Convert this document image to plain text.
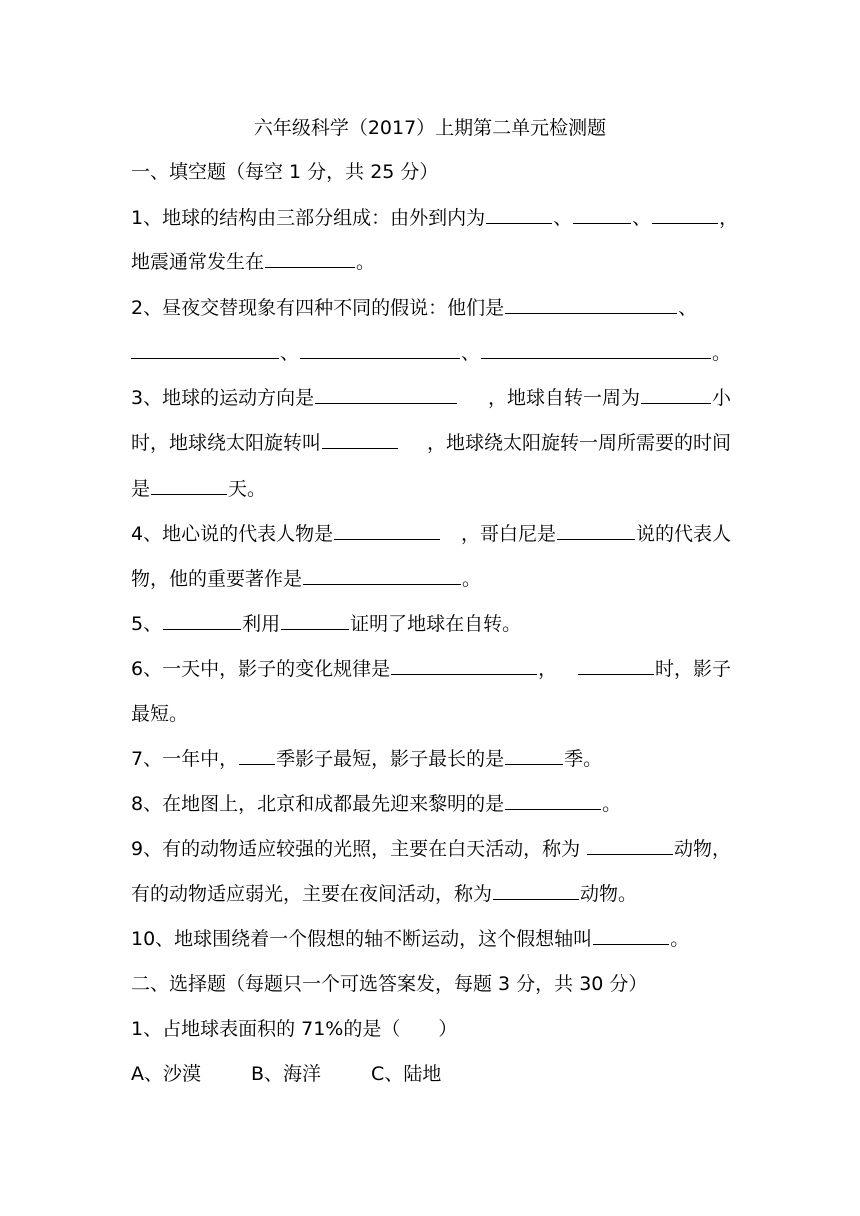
六年级科学（2017）上期第二单元检测题
一、填空题（每空 1 分，共 25 分）
1、地球的结构由三部分组成：由外到内为	、	、	，
地震通常发生在	。
2、昼夜交替现象有四种不同的假说：他们是	、
、	、	。
3、地球的运动方向是	，地球自转一周为	小
时，地球绕太阳旋转叫	，地球绕太阳旋转一周所需要的时间
是	天。
4、地心说的代表人物是	，哥白尼是	说的代表人
物，他的重要著作是	。
5、	利用	证明了地球在自转。
6、一天中，影子的变化规律是	，	时，影子
最短。
7、一年中， 季影子最短，影子最长的是	季。
8、在地图上，北京和成都最先迎来黎明的是	。
9、有的动物适应较强的光照，主要在白天活动，称为	动物，
有的动物适应弱光，主要在夜间活动，称为	动物。
10、地球围绕着一个假想的轴不断运动，这个假想轴叫	。
二、选择题（每题只一个可选答案发，每题 3 分，共 30 分）
1、占地球表面积的 71%的是（　　）
A、沙漠	B、海洋	C、陆地
